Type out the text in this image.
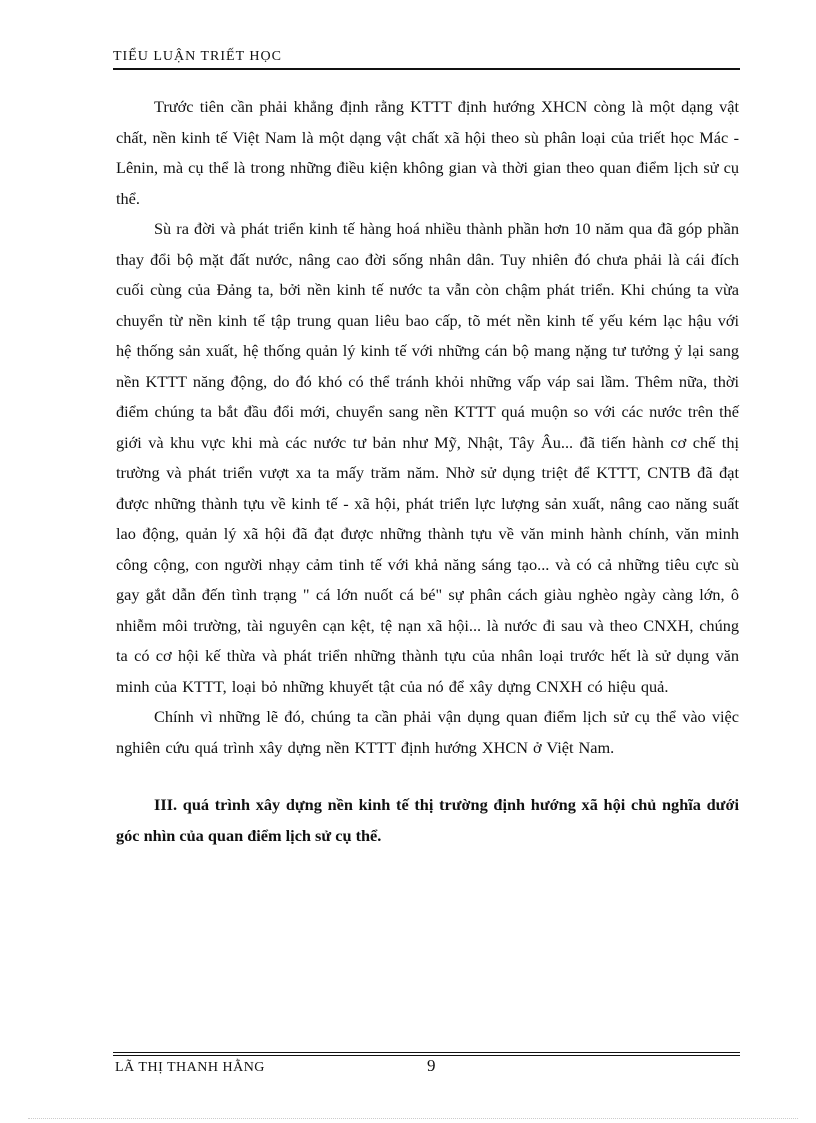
TIỂU LUẬN TRIẾT HỌC

Trước tiên cần phải khẳng định rằng KTTT định hướng XHCN còng là một dạng vật chất, nền kinh tế Việt Nam là một dạng vật chất xã hội theo sù phân loại của triết học Mác - Lênin, mà cụ thể là trong những điều kiện không gian và thời gian theo quan điểm lịch sử cụ thể.

Sù ra đời và phát triển kinh tế hàng hoá nhiều thành phần hơn 10 năm qua đã góp phần thay đổi bộ mặt đất nước, nâng cao đời sống nhân dân. Tuy nhiên đó chưa phải là cái đích cuối cùng của Đảng ta, bởi nền kinh tế nước ta vẫn còn chậm phát triển. Khi chúng ta vừa chuyển từ nền kinh tế tập trung quan liêu bao cấp, tõ mét nền kinh tế yếu kém lạc hậu với hệ thống sản xuất, hệ thống quản lý kinh tế với những cán bộ mang nặng tư tưởng ỷ lại sang nền KTTT năng động, do đó khó có thể tránh khỏi những vấp váp sai lầm. Thêm nữa, thời điểm chúng ta bắt đầu đổi mới, chuyển sang nền KTTT quá muộn so với các nước trên thế giới và khu vực khi mà các nước tư bản như Mỹ, Nhật, Tây Âu... đã tiến hành cơ chế thị trường và phát triển vượt xa ta mấy trăm năm. Nhờ sử dụng triệt để KTTT, CNTB đã đạt được những thành tựu về kinh tế - xã hội, phát triển lực lượng sản xuất, nâng cao năng suất lao động, quản lý xã hội đã đạt được những thành tựu về văn minh hành chính, văn minh công cộng, con người nhạy cảm tinh tế với khả năng sáng tạo... và có cả những tiêu cực sù gay gắt dẫn đến tình trạng " cá lớn nuốt cá bé" sự phân cách giàu nghèo ngày càng lớn, ô nhiễm môi trường, tài nguyên cạn kệt, tệ nạn xã hội... là nước đi sau và theo CNXH, chúng ta có cơ hội kế thừa và phát triển những thành tựu của nhân loại trước hết là sử dụng văn minh của KTTT, loại bỏ những khuyết tật của nó để xây dựng CNXH có hiệu quả.

Chính vì những lẽ đó, chúng ta cần phải vận dụng quan điểm lịch sử cụ thể vào việc nghiên cứu quá trình xây dựng nền KTTT định hướng XHCN ở Việt Nam.

III. quá trình xây dựng nền kinh tế thị trường định hướng xã hội chủ nghĩa dưới góc nhìn của quan điểm lịch sử cụ thể.

LÃ THỊ THANH HẰNG	9
